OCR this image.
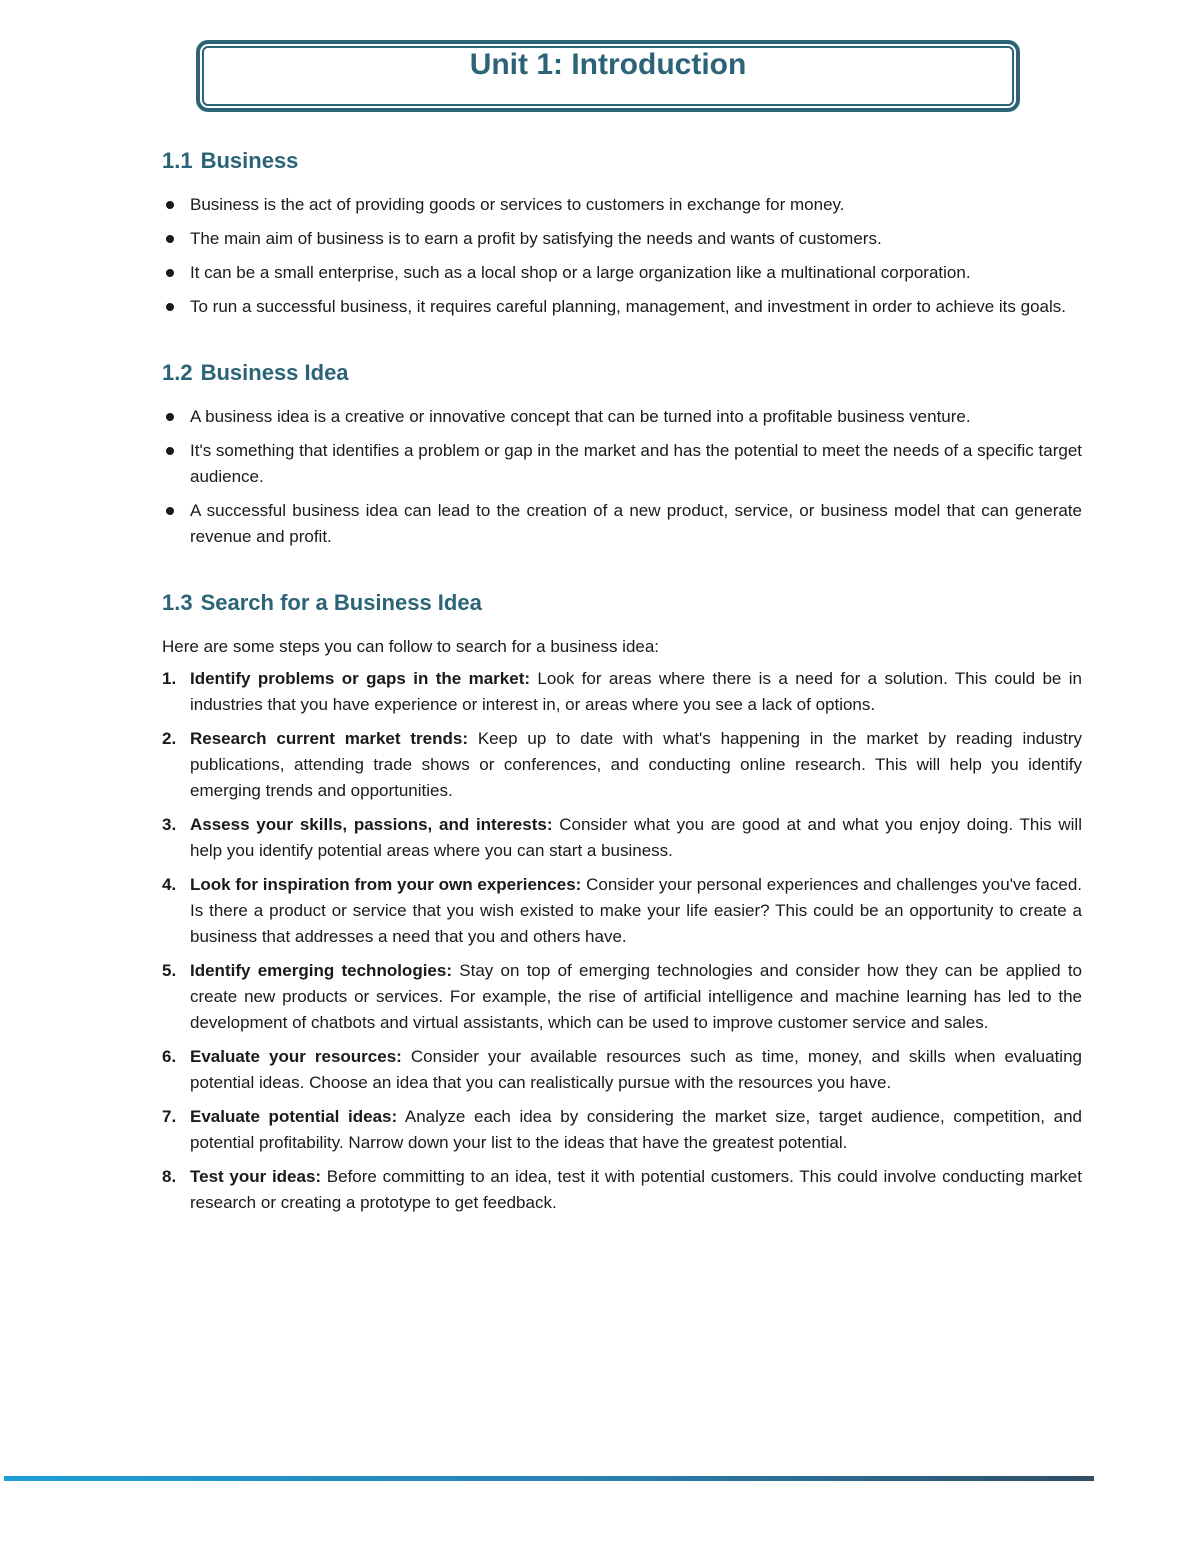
Unit 1: Introduction
1.1 Business
Business is the act of providing goods or services to customers in exchange for money.
The main aim of business is to earn a profit by satisfying the needs and wants of customers.
It can be a small enterprise, such as a local shop or a large organization like a multinational corporation.
To run a successful business, it requires careful planning, management, and investment in order to achieve its goals.
1.2 Business Idea
A business idea is a creative or innovative concept that can be turned into a profitable business venture.
It's something that identifies a problem or gap in the market and has the potential to meet the needs of a specific target audience.
A successful business idea can lead to the creation of a new product, service, or business model that can generate revenue and profit.
1.3 Search for a Business Idea

Here are some steps you can follow to search for a business idea:

1. Identify problems or gaps in the market: Look for areas where there is a need for a solution. This could be in industries that you have experience or interest in, or areas where you see a lack of options.
2. Research current market trends: Keep up to date with what's happening in the market by reading industry publications, attending trade shows or conferences, and conducting online research. This will help you identify emerging trends and opportunities.
3. Assess your skills, passions, and interests: Consider what you are good at and what you enjoy doing. This will help you identify potential areas where you can start a business.
4. Look for inspiration from your own experiences: Consider your personal experiences and challenges you've faced. Is there a product or service that you wish existed to make your life easier? This could be an opportunity to create a business that addresses a need that you and others have.
5. Identify emerging technologies: Stay on top of emerging technologies and consider how they can be applied to create new products or services. For example, the rise of artificial intelligence and machine learning has led to the development of chatbots and virtual assistants, which can be used to improve customer service and sales.
6. Evaluate your resources: Consider your available resources such as time, money, and skills when evaluating potential ideas. Choose an idea that you can realistically pursue with the resources you have.
7. Evaluate potential ideas: Analyze each idea by considering the market size, target audience, competition, and potential profitability. Narrow down your list to the ideas that have the greatest potential.
8. Test your ideas: Before committing to an idea, test it with potential customers. This could involve conducting market research or creating a prototype to get feedback.
